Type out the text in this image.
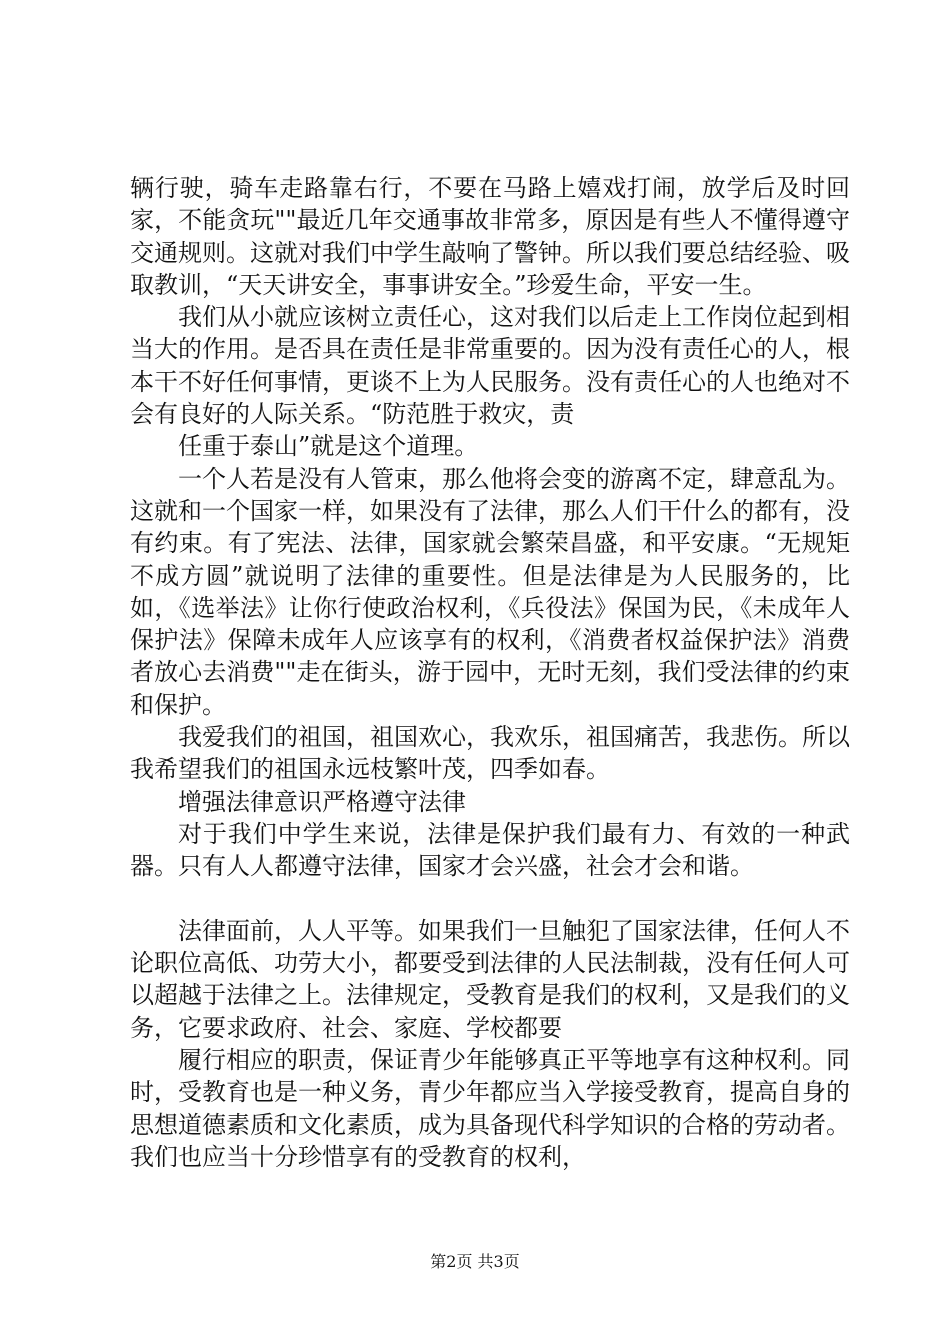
辆行驶，骑车走路靠右行，不要在马路上嬉戏打闹，放学后及时回家，不能贪玩""最近几年交通事故非常多，原因是有些人不懂得遵守交通规则。这就对我们中学生敲响了警钟。所以我们要总结经验、吸取教训，“天天讲安全，事事讲安全。”珍爱生命，平安一生。

我们从小就应该树立责任心，这对我们以后走上工作岗位起到相当大的作用。是否具在责任是非常重要的。因为没有责任心的人，根本干不好任何事情，更谈不上为人民服务。没有责任心的人也绝对不会有良好的人际关系。“防范胜于救灾，责

任重于泰山”就是这个道理。

一个人若是没有人管束，那么他将会变的游离不定，肆意乱为。这就和一个国家一样，如果没有了法律，那么人们干什么的都有，没有约束。有了宪法、法律，国家就会繁荣昌盛，和平安康。“无规矩不成方圆”就说明了法律的重要性。但是法律是为人民服务的，比如，《选举法》让你行使政治权利，《兵役法》保国为民，《未成年人保护法》保障未成年人应该享有的权利，《消费者权益保护法》消费者放心去消费""走在街头，游于园中，无时无刻，我们受法律的约束和保护。

我爱我们的祖国，祖国欢心，我欢乐，祖国痛苦，我悲伤。所以我希望我们的祖国永远枝繁叶茂，四季如春。

增强法律意识严格遵守法律

对于我们中学生来说，法律是保护我们最有力、有效的一种武器。只有人人都遵守法律，国家才会兴盛，社会才会和谐。

法律面前，人人平等。如果我们一旦触犯了国家法律，任何人不论职位高低、功劳大小，都要受到法律的人民法制裁，没有任何人可以超越于法律之上。法律规定，受教育是我们的权利，又是我们的义务，它要求政府、社会、家庭、学校都要

履行相应的职责，保证青少年能够真正平等地享有这种权利。同时，受教育也是一种义务，青少年都应当入学接受教育，提高自身的思想道德素质和文化素质，成为具备现代科学知识的合格的劳动者。我们也应当十分珍惜享有的受教育的权利，

第2页 共3页
